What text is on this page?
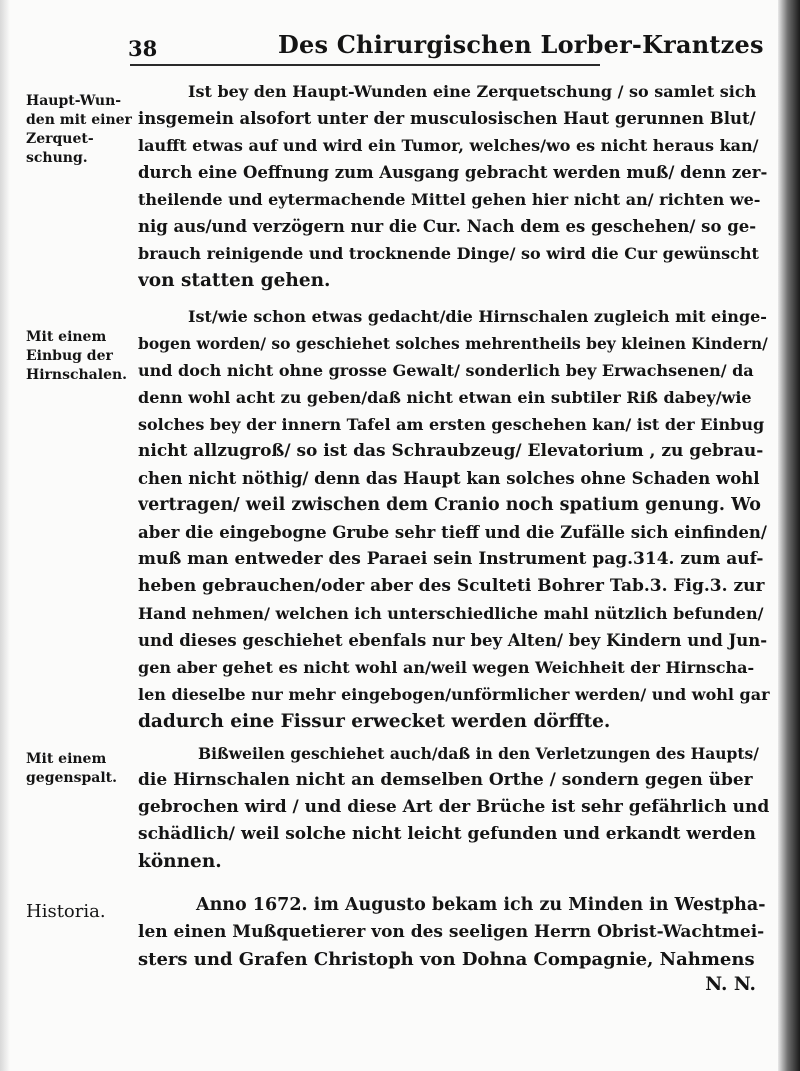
38	Des Chirurgischen Lorber-Krantzes
Haupt-Wun-
den mit einer
Zerquet-
schung.
Mit einem
Einbug der
Hirnschalen.
Mit einem
gegenspalt.
Historia.
Ist bey den Haupt-Wunden eine Zerquetschung / so samlet sich
insgemein alsofort unter der musculosischen Haut gerunnen Blut/
laufft etwas auf und wird ein Tumor, welches/wo es nicht heraus kan/
durch eine Oeffnung zum Ausgang gebracht werden muß/ denn zer-
theilende und eytermachende Mittel gehen hier nicht an/ richten we-
nig aus/und verzögern nur die Cur. Nach dem es geschehen/ so ge-
brauch reinigende und trocknende Dinge/ so wird die Cur gewünscht
von statten gehen.
Ist/wie schon etwas gedacht/die Hirnschalen zugleich mit einge-
bogen worden/ so geschiehet solches mehrentheils bey kleinen Kindern/
und doch nicht ohne grosse Gewalt/ sonderlich bey Erwachsenen/ da
denn wohl acht zu geben/daß nicht etwan ein subtiler Riß dabey/wie
solches bey der innern Tafel am ersten geschehen kan/ ist der Einbug
nicht allzugroß/ so ist das Schraubzeug/ Elevatorium , zu gebrau-
chen nicht nöthig/ denn das Haupt kan solches ohne Schaden wohl
vertragen/ weil zwischen dem Cranio noch spatium genung. Wo
aber die eingebogne Grube sehr tieff und die Zufälle sich einfinden/
muß man entweder des Paraei sein Instrument pag.314. zum auf-
heben gebrauchen/oder aber des Sculteti Bohrer Tab.3. Fig.3. zur
Hand nehmen/ welchen ich unterschiedliche mahl nützlich befunden/
und dieses geschiehet ebenfals nur bey Alten/ bey Kindern und Jun-
gen aber gehet es nicht wohl an/weil wegen Weichheit der Hirnscha-
len dieselbe nur mehr eingebogen/unförmlicher werden/ und wohl gar
dadurch eine Fissur erwecket werden dörffte.
Bißweilen geschiehet auch/daß in den Verletzungen des Haupts/
die Hirnschalen nicht an demselben Orthe / sondern gegen über
gebrochen wird / und diese Art der Brüche ist sehr gefährlich und
schädlich/ weil solche nicht leicht gefunden und erkandt werden
können.
Anno 1672. im Augusto bekam ich zu Minden in Westpha-
len einen Mußquetierer von des seeligen Herrn Obrist-Wachtmei-
sters und Grafen Christoph von Dohna Compagnie, Nahmens
N. N.
